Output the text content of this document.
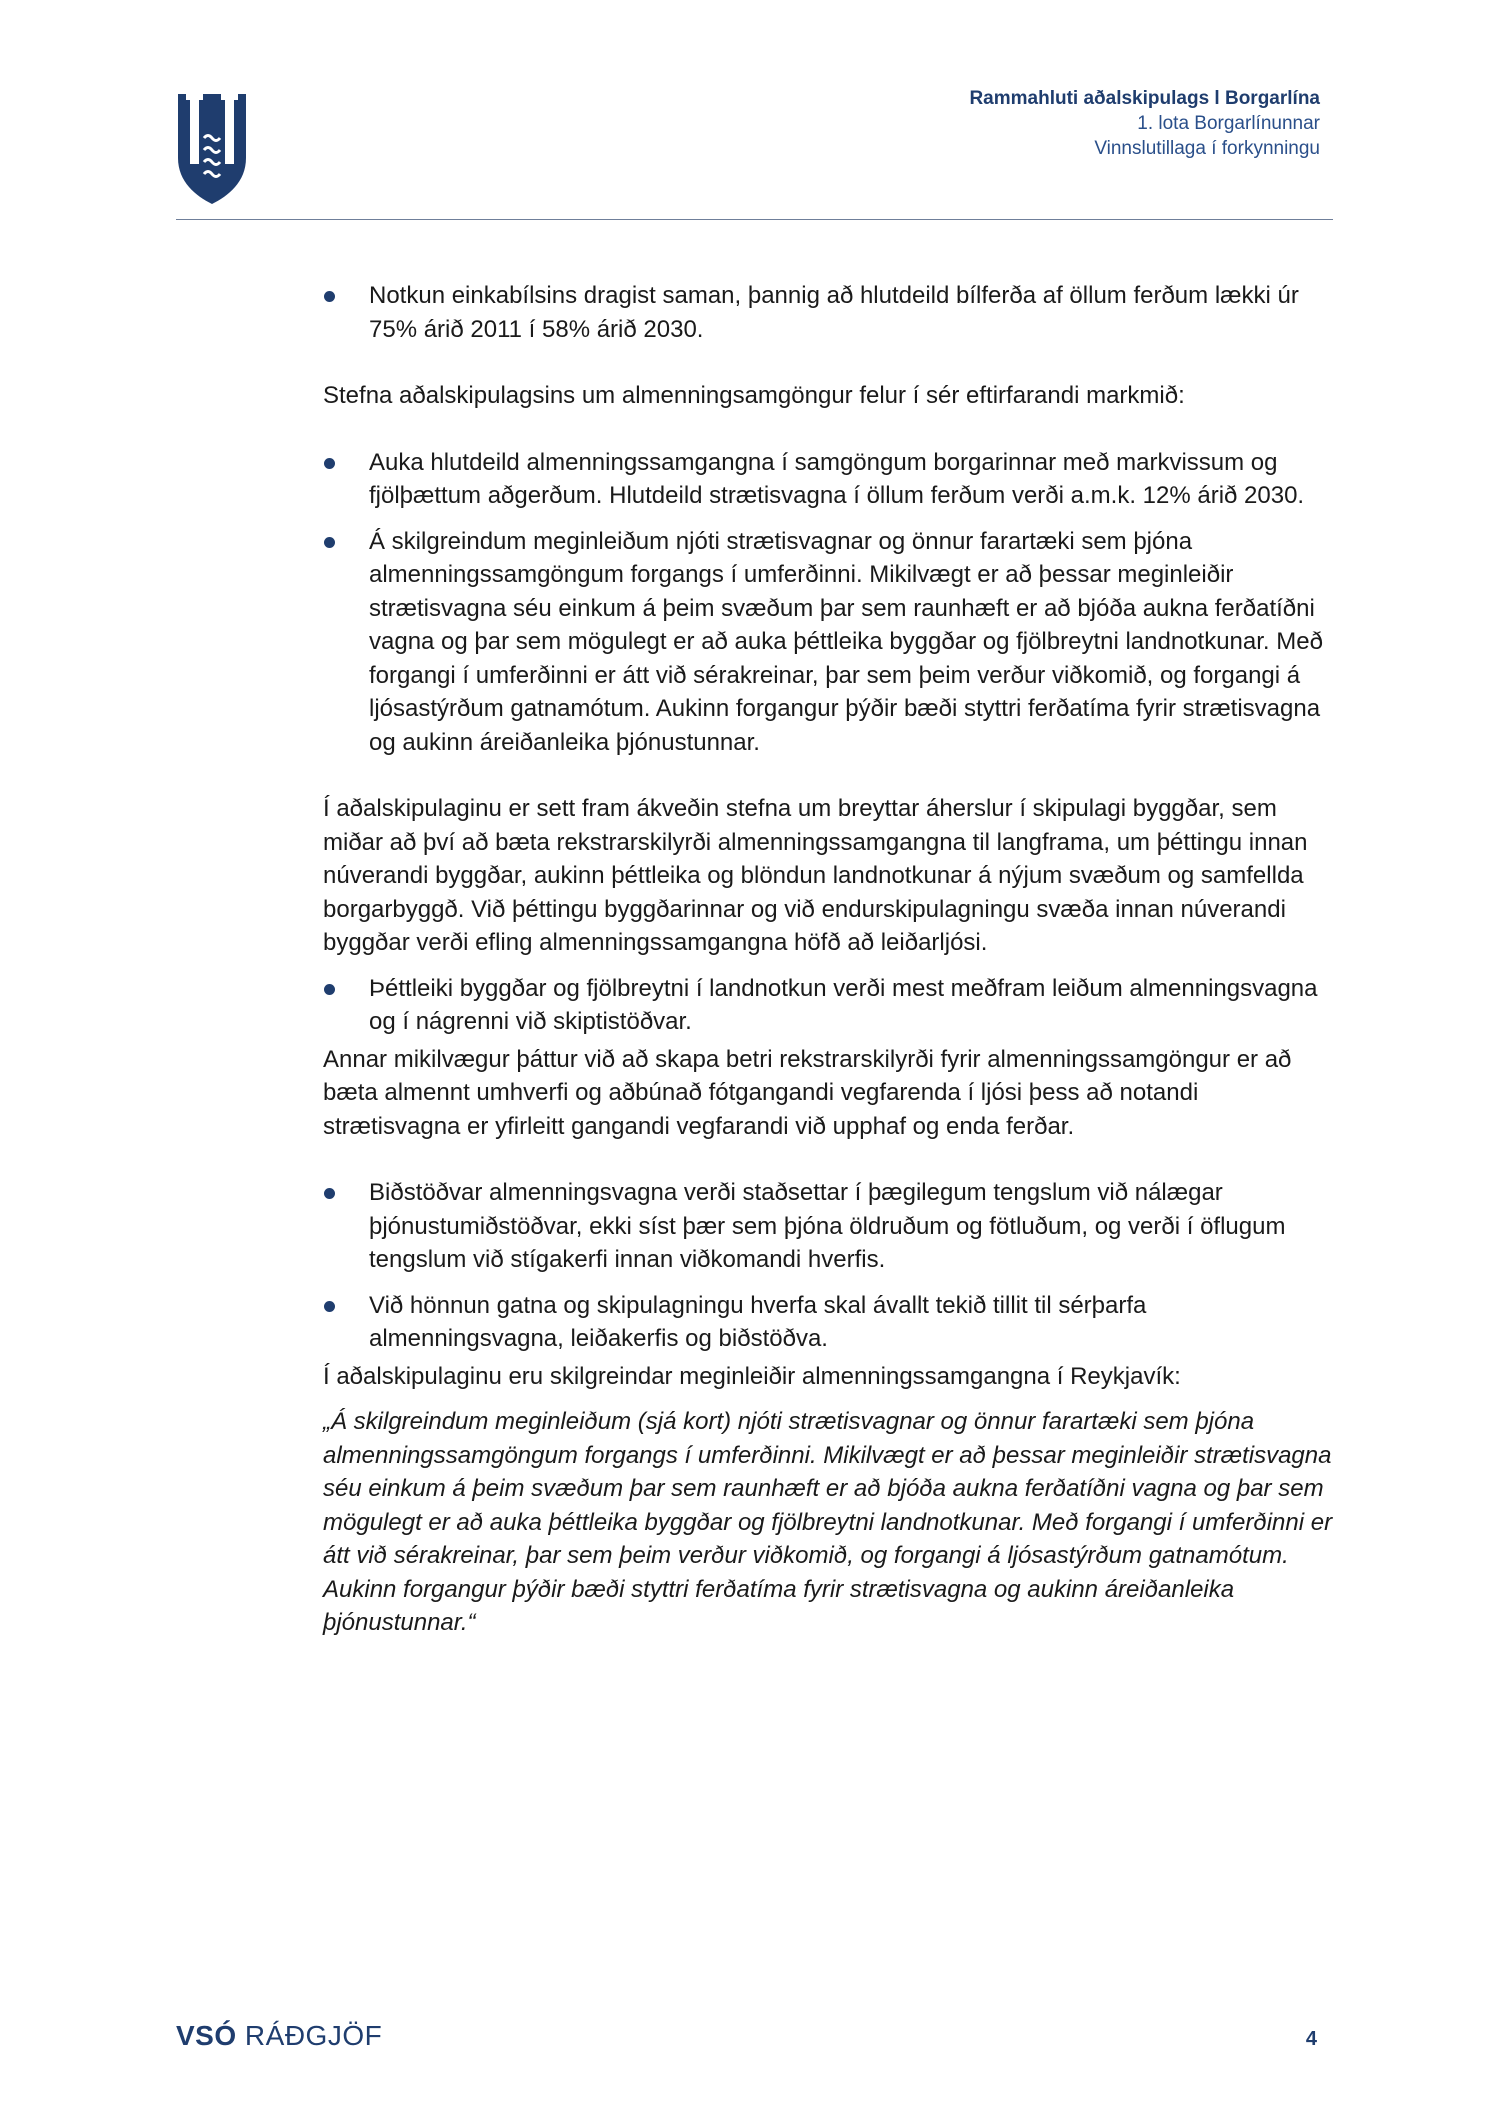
Rammahluti aðalskipulags l Borgarlína
1. lota Borgarlínunnar
Vinnslutillaga í forkynningu
Notkun einkabílsins dragist saman, þannig að hlutdeild bílferða af öllum ferðum lækki úr 75% árið 2011 í 58% árið 2030.

Stefna aðalskipulagsins um almenningsamgöngur felur í sér eftirfarandi markmið:

Auka hlutdeild almenningssamgangna í samgöngum borgarinnar með markvissum og fjölþættum aðgerðum. Hlutdeild strætisvagna í öllum ferðum verði a.m.k. 12% árið 2030.
Á skilgreindum meginleiðum njóti strætisvagnar og önnur farartæki sem þjóna almenningssamgöngum forgangs í umferðinni. Mikilvægt er að þessar meginleiðir strætisvagna séu einkum á þeim svæðum þar sem raunhæft er að bjóða aukna ferðatíðni vagna og þar sem mögulegt er að auka þéttleika byggðar og fjölbreytni landnotkunar. Með forgangi í umferðinni er átt við sérakreinar, þar sem þeim verður viðkomið, og forgangi á ljósastýrðum gatnamótum. Aukinn forgangur þýðir bæði styttri ferðatíma fyrir strætisvagna og aukinn áreiðanleika þjónustunnar.

Í aðalskipulaginu er sett fram ákveðin stefna um breyttar áherslur í skipulagi byggðar, sem miðar að því að bæta rekstrarskilyrði almenningssamgangna til langframa, um þéttingu innan núverandi byggðar, aukinn þéttleika og blöndun landnotkunar á nýjum svæðum og samfellda borgarbyggð. Við þéttingu byggðarinnar og við endurskipulagningu svæða innan núverandi byggðar verði efling almenningssamgangna höfð að leiðarljósi.

Þéttleiki byggðar og fjölbreytni í landnotkun verði mest meðfram leiðum almenningsvagna og í nágrenni við skiptistöðvar.

Annar mikilvægur þáttur við að skapa betri rekstrarskilyrði fyrir almenningssamgöngur er að bæta almennt umhverfi og aðbúnað fótgangandi vegfarenda í ljósi þess að notandi strætisvagna er yfirleitt gangandi vegfarandi við upphaf og enda ferðar.

Biðstöðvar almenningsvagna verði staðsettar í þægilegum tengslum við nálægar þjónustumiðstöðvar, ekki síst þær sem þjóna öldruðum og fötluðum, og verði í öflugum tengslum við stígakerfi innan viðkomandi hverfis.
Við hönnun gatna og skipulagningu hverfa skal ávallt tekið tillit til sérþarfa almenningsvagna, leiðakerfis og biðstöðva.

Í aðalskipulaginu eru skilgreindar meginleiðir almenningssamgangna í Reykjavík:

„Á skilgreindum meginleiðum (sjá kort) njóti strætisvagnar og önnur farartæki sem þjóna almenningssamgöngum forgangs í umferðinni. Mikilvægt er að þessar meginleiðir strætisvagna séu einkum á þeim svæðum þar sem raunhæft er að bjóða aukna ferðatíðni vagna og þar sem mögulegt er að auka þéttleika byggðar og fjölbreytni landnotkunar. Með forgangi í umferðinni er átt við sérakreinar, þar sem þeim verður viðkomið, og forgangi á ljósastýrðum gatnamótum. Aukinn forgangur þýðir bæði styttri ferðatíma fyrir strætisvagna og aukinn áreiðanleika þjónustunnar.“

VSÓ RÁÐGJÖF	4
